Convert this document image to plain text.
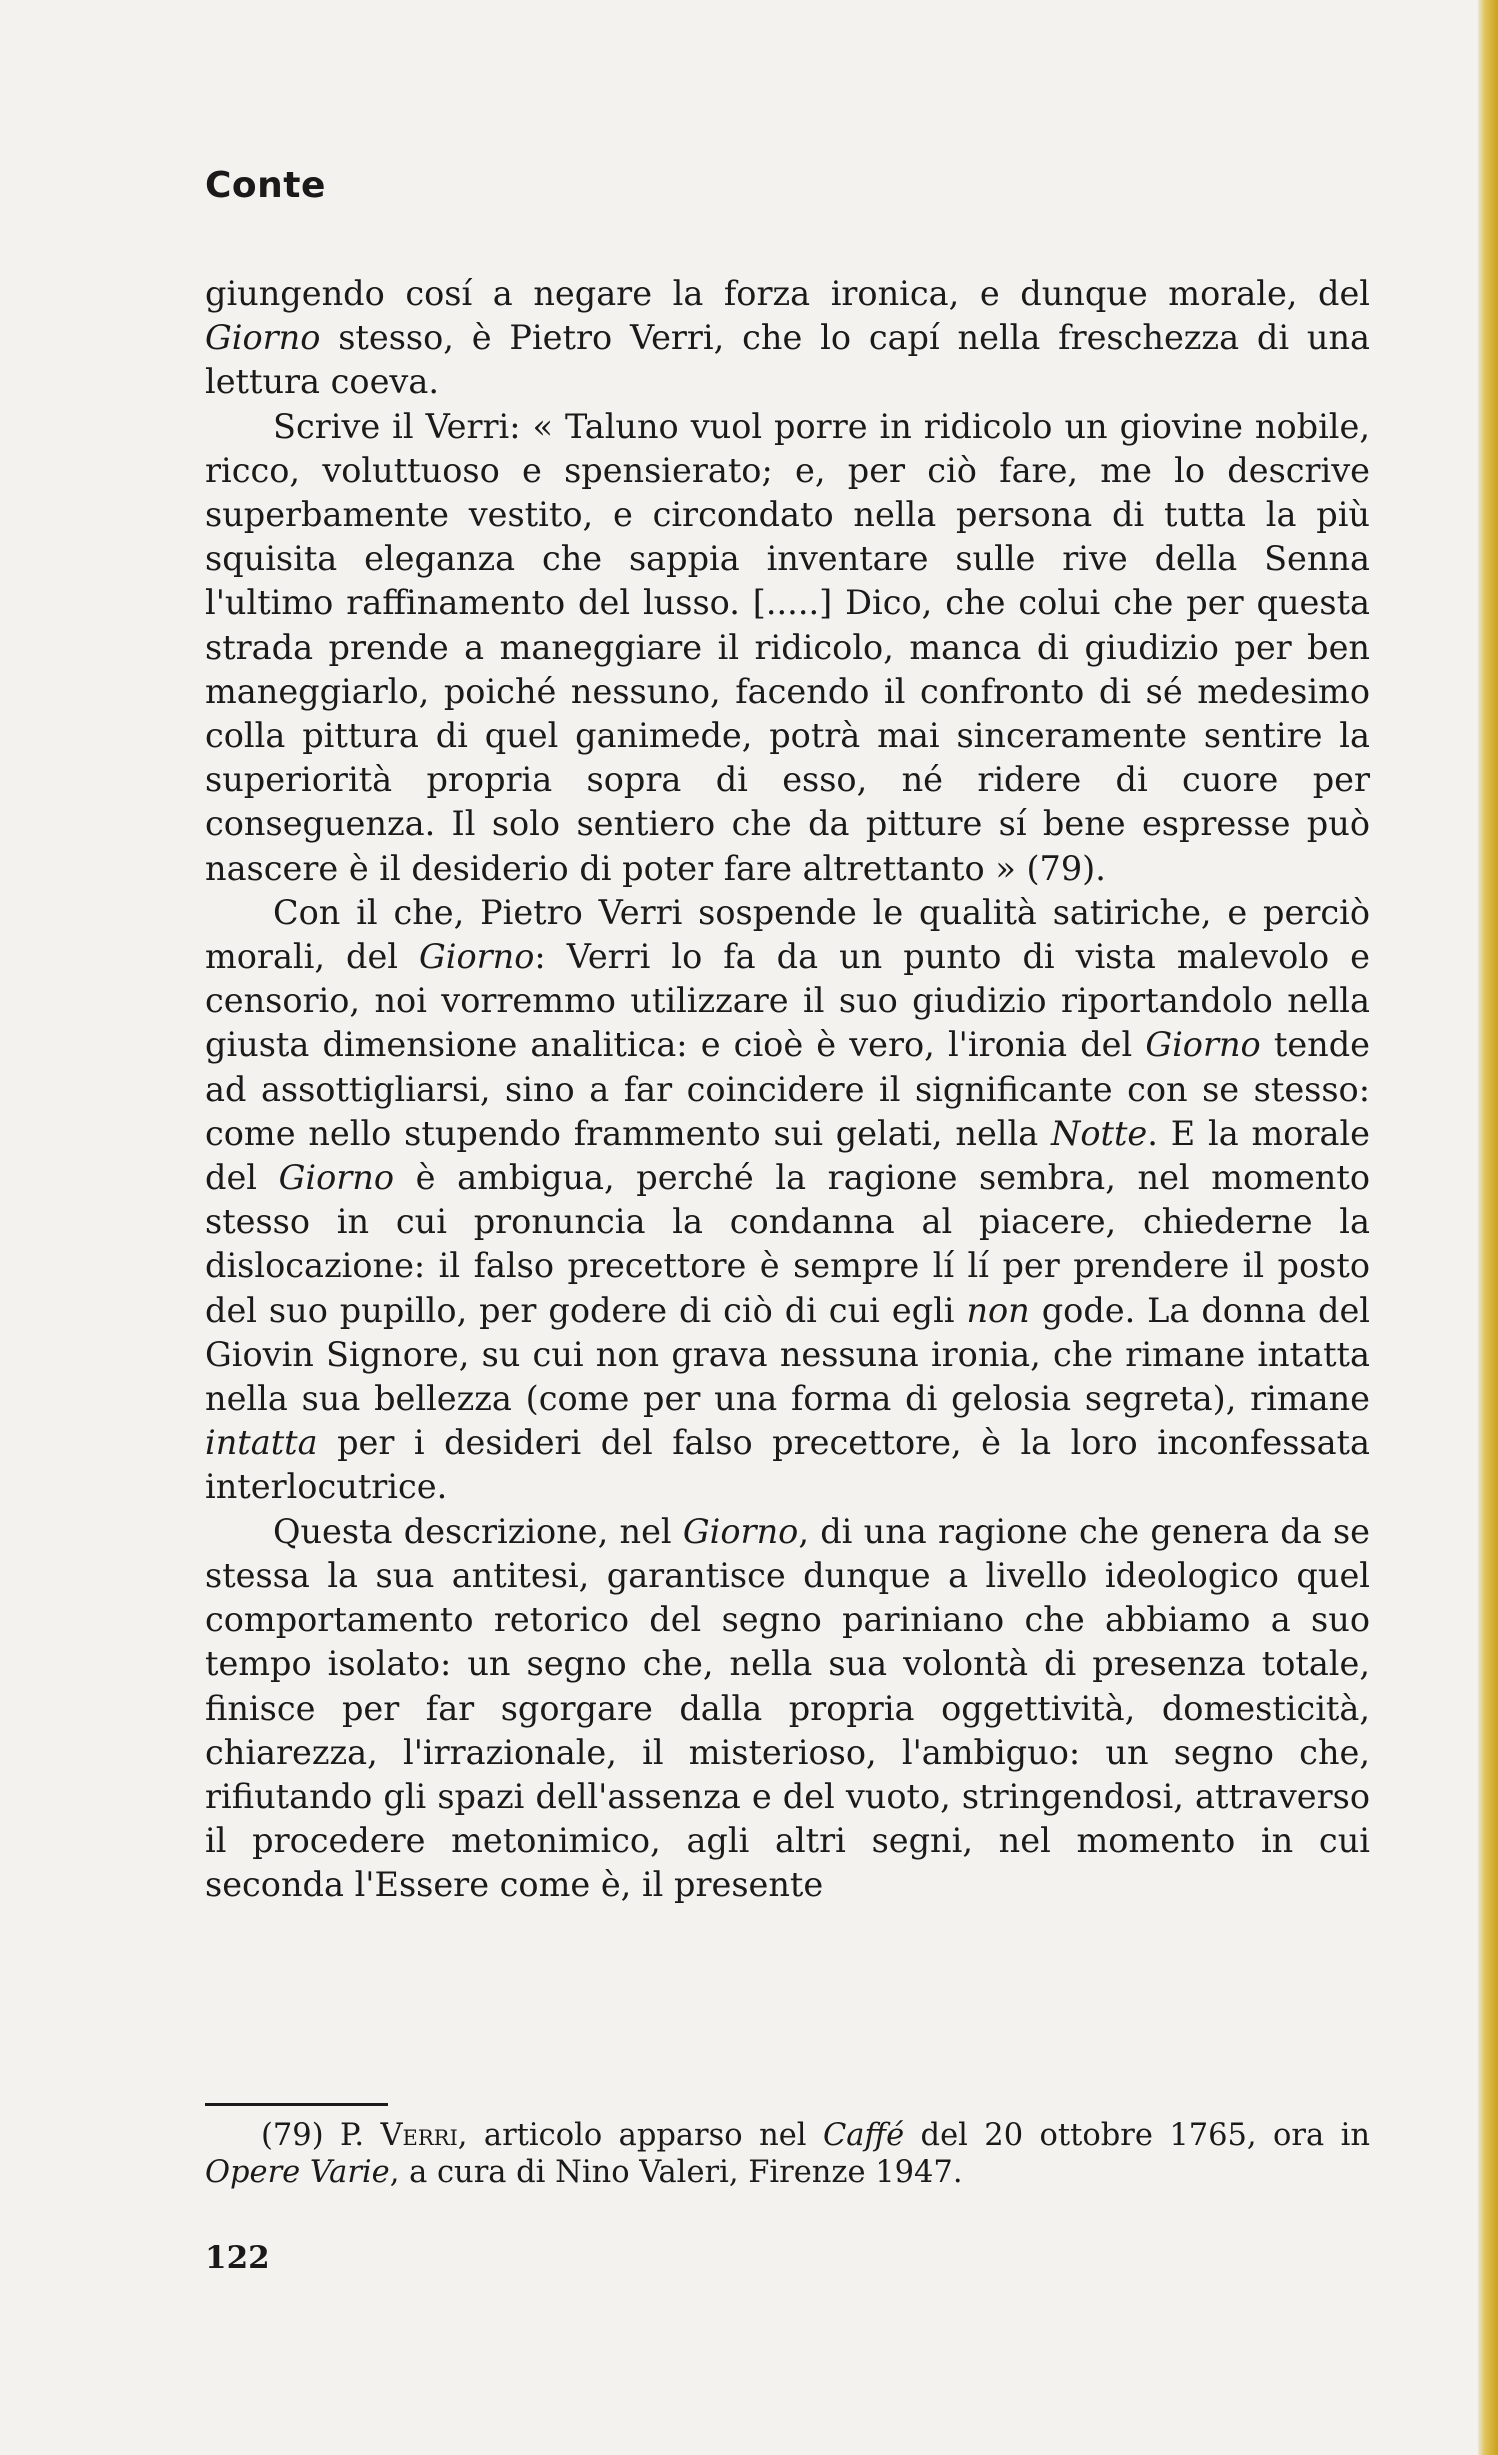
Conte

giungendo cosí a negare la forza ironica, e dunque morale, del Giorno stesso, è Pietro Verri, che lo capí nella freschezza di una lettura coeva.

Scrive il Verri: « Taluno vuol porre in ridicolo un giovine nobile, ricco, voluttuoso e spensierato; e, per ciò fare, me lo descrive superbamente vestito, e circondato nella persona di tutta la più squisita eleganza che sappia inventare sulle rive della Senna l'ultimo raffinamento del lusso. [.....] Dico, che colui che per questa strada prende a maneggiare il ridicolo, manca di giudizio per ben maneggiarlo, poiché nessuno, facendo il confronto di sé medesimo colla pittura di quel ganimede, potrà mai sinceramente sentire la superiorità propria sopra di esso, né ridere di cuore per conseguenza. Il solo sentiero che da pitture sí bene espresse può nascere è il desiderio di poter fare altrettanto » (79).

Con il che, Pietro Verri sospende le qualità satiriche, e perciò morali, del Giorno: Verri lo fa da un punto di vista malevolo e censorio, noi vorremmo utilizzare il suo giudizio riportandolo nella giusta dimensione analitica: e cioè è vero, l'ironia del Giorno tende ad assottigliarsi, sino a far coincidere il significante con se stesso: come nello stupendo frammento sui gelati, nella Notte. E la morale del Giorno è ambigua, perché la ragione sembra, nel momento stesso in cui pronuncia la condanna al piacere, chiederne la dislocazione: il falso precettore è sempre lí lí per prendere il posto del suo pupillo, per godere di ciò di cui egli non gode. La donna del Giovin Signore, su cui non grava nessuna ironia, che rimane intatta nella sua bellezza (come per una forma di gelosia segreta), rimane intatta per i desideri del falso precettore, è la loro inconfessata interlocutrice.

Questa descrizione, nel Giorno, di una ragione che genera da se stessa la sua antitesi, garantisce dunque a livello ideologico quel comportamento retorico del segno pariniano che abbiamo a suo tempo isolato: un segno che, nella sua volontà di presenza totale, finisce per far sgorgare dalla propria oggettività, domesticità, chiarezza, l'irrazionale, il misterioso, l'ambiguo: un segno che, rifiutando gli spazi dell'assenza e del vuoto, stringendosi, attraverso il procedere metonimico, agli altri segni, nel momento in cui seconda l'Essere come è, il presente

(79) P. Verri, articolo apparso nel Caffé del 20 ottobre 1765, ora in Opere Varie, a cura di Nino Valeri, Firenze 1947.
122
